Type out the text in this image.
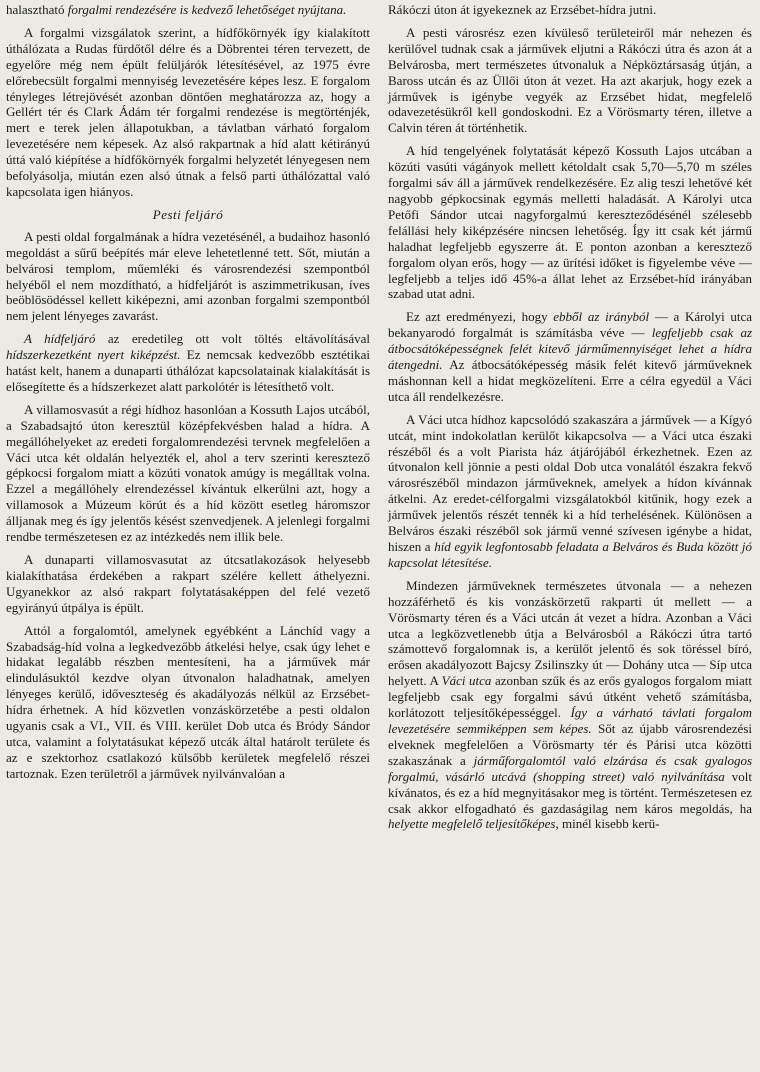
halasztható forgalmi rendezésére is kedvező lehetőséget nyújtana.

A forgalmi vizsgálatok szerint, a hídfőkörnyék így kialakított úthálózata a Rudas fürdőtől délre és a Döbrentei téren tervezett, de egyelőre még nem épült felüljárók létesítésével, az 1975 évre előrebecsült forgalmi mennyiség levezetésére képes lesz. E forgalom tényleges létrejövését azonban döntően meghatározza az, hogy a Gellért tér és Clark Ádám tér forgalmi rendezése is megtörténjék, mert e terek jelen állapotukban, a távlatban várható forgalom levezetésére nem képesek. Az alsó rakpartnak a híd alatt kétirányú úttá való kiépítése a hídfőkörnyék forgalmi helyzetét lényegesen nem befolyásolja, miután ezen alsó útnak a felső parti úthálózattal való kapcsolata igen hiányos.

Pesti feljáró

A pesti oldal forgalmának a hídra vezetésénél, a budaihoz hasonló megoldást a sűrű beépítés már eleve lehetetlenné tett. Sőt, miután a belvárosi templom, műemléki és városrendezési szempontból helyéből el nem mozdítható, a hídfeljárót is aszimmetrikusan, íves beöblösödéssel kellett kiképezni, ami azonban forgalmi szempontból nem jelent lényeges zavarást.

A hídfeljáró az eredetileg ott volt töltés eltávolításával hídszerkezetként nyert kiképzést. Ez nemcsak kedvezőbb esztétikai hatást kelt, hanem a dunaparti úthálózat kapcsolatainak kialakítását is elősegítette és a hídszerkezet alatt parkolótér is létesíthető volt.

A villamosvasút a régi hídhoz hasonlóan a Kossuth Lajos utcából, a Szabadsajtó úton keresztül középfekvésben halad a hídra. A megállóhelyeket az eredeti forgalomrendezési tervnek megfelelően a Váci utca két oldalán helyezték el, ahol a terv szerinti keresztező gépkocsi forgalom miatt a közúti vonatok amúgy is megálltak volna. Ezzel a megállóhely elrendezéssel kívántuk elkerülni azt, hogy a villamosok a Múzeum körút és a híd között esetleg háromszor álljanak meg és így jelentős késést szenvedjenek. A jelenlegi forgalmi rendbe természetesen ez az intézkedés nem illik bele.

A dunaparti villamosvasutat az útcsatlakozások helyesebb kialakíthatása érdekében a rakpart szélére kellett áthelyezni. Ugyanekkor az alsó rakpart folytatásaképpen del felé vezető egyirányú útpálya is épült.

Attól a forgalomtól, amelynek egyébként a Lánchíd vagy a Szabadság-híd volna a legkedvezőbb átkelési helye, csak úgy lehet e hidakat legalább részben mentesíteni, ha a járművek már elindulásuktól kezdve olyan útvonalon haladhatnak, amelyen lényeges kerülő, időveszteség és akadályozás nélkül az Erzsébet-hídra érhetnek. A híd közvetlen vonzáskörzetébe a pesti oldalon ugyanis csak a VI., VII. és VIII. kerület Dob utca és Bródy Sándor utca, valamint a folytatásukat képező utcák által határolt területe és az e szektorhoz csatlakozó külsőbb kerületek megfelelő részei tartoznak. Ezen területről a járművek nyilvánvalóan a

Rákóczi úton át igyekeznek az Erzsébet-hídra jutni.

A pesti városrész ezen kívüleső területeiről már nehezen és kerülővel tudnak csak a járművek eljutni a Rákóczi útra és azon át a Belvárosba, mert természetes útvonaluk a Népköztársaság útján, a Baross utcán és az Üllői úton át vezet. Ha azt akarjuk, hogy ezek a járművek is igénybe vegyék az Erzsébet hidat, megfelelő odavezetésükről kell gondoskodni. Ez a Vörösmarty téren, illetve a Calvin téren át történhetik.

A híd tengelyének folytatását képező Kossuth Lajos utcában a közúti vasúti vágányok mellett kétoldalt csak 5,70—5,70 m széles forgalmi sáv áll a járművek rendelkezésére. Ez alig teszi lehetővé két nagyobb gépkocsinak egymás melletti haladását. A Károlyi utca Petőfi Sándor utcai nagyforgalmú kereszteződésénél szélesebb felállási hely kiképzésére nincsen lehetőség. Így itt csak két jármű haladhat legfeljebb egyszerre át. E ponton azonban a keresztező forgalom olyan erős, hogy — az ürítési időket is figyelembe véve — legfeljebb a teljes idő 45%-a állat lehet az Erzsébet-híd irányában szabad utat adni.

Ez azt eredményezi, hogy ebből az irányból — a Károlyi utca bekanyarodó forgalmát is számításba véve — legfeljebb csak az átbocsátóképességnek felét kitevő járműmennyiséget lehet a hídra átengedni. Az átbocsátóképesség másik felét kitevő járműveknek máshonnan kell a hidat megközelíteni. Erre a célra egyedül a Váci utca áll rendelkezésre.

A Váci utca hídhoz kapcsolódó szakaszára a járművek — a Kígyó utcát, mint indokolatlan kerülőt kikapcsolva — a Váci utca északi részéből és a volt Piarista ház átjárójából érkezhetnek. Ezen az útvonalon kell jönnie a pesti oldal Dob utca vonalától északra fekvő városrészéből mindazon járműveknek, amelyek a hídon kívánnak átkelni. Az eredet-célforgalmi vizsgálatokból kitűnik, hogy ezek a járművek jelentős részét tennék ki a híd terhelésének. Különösen a Belváros északi részéből sok jármű venné szívesen igénybe a hidat, hiszen a híd egyik legfontosabb feladata a Belváros és Buda között jó kapcsolat létesítése.

Mindezen járműveknek természetes útvonala — a nehezen hozzáférhető és kis vonzáskörzetű rakparti út mellett — a Vörösmarty téren és a Váci utcán át vezet a hídra. Azonban a Váci utca a legközvetlenebb útja a Belvárosból a Rákóczi útra tartó számottevő forgalomnak is, a kerülőt jelentő és sok töréssel bíró, erősen akadályozott Bajcsy Zsilinszky út — Dohány utca — Síp utca helyett. A Váci utca azonban szűk és az erős gyalogos forgalom miatt legfeljebb csak egy forgalmi sávú útként vehető számításba, korlátozott teljesítőképességgel. Így a várható távlati forgalom levezetésére semmiképpen sem képes. Sőt az újabb városrendezési elveknek megfelelően a Vörösmarty tér és Párisi utca közötti szakaszának a járműforgalomtól való elzárása és csak gyalogos forgalmú, vásárló utcává (shopping street) való nyilvánítása volt kívánatos, és ez a híd megnyitásakor meg is történt. Természetesen ez csak akkor elfogadható és gazdaságilag nem káros megoldás, ha helyette megfelelő teljesítőképes, minél kisebb kerü-
